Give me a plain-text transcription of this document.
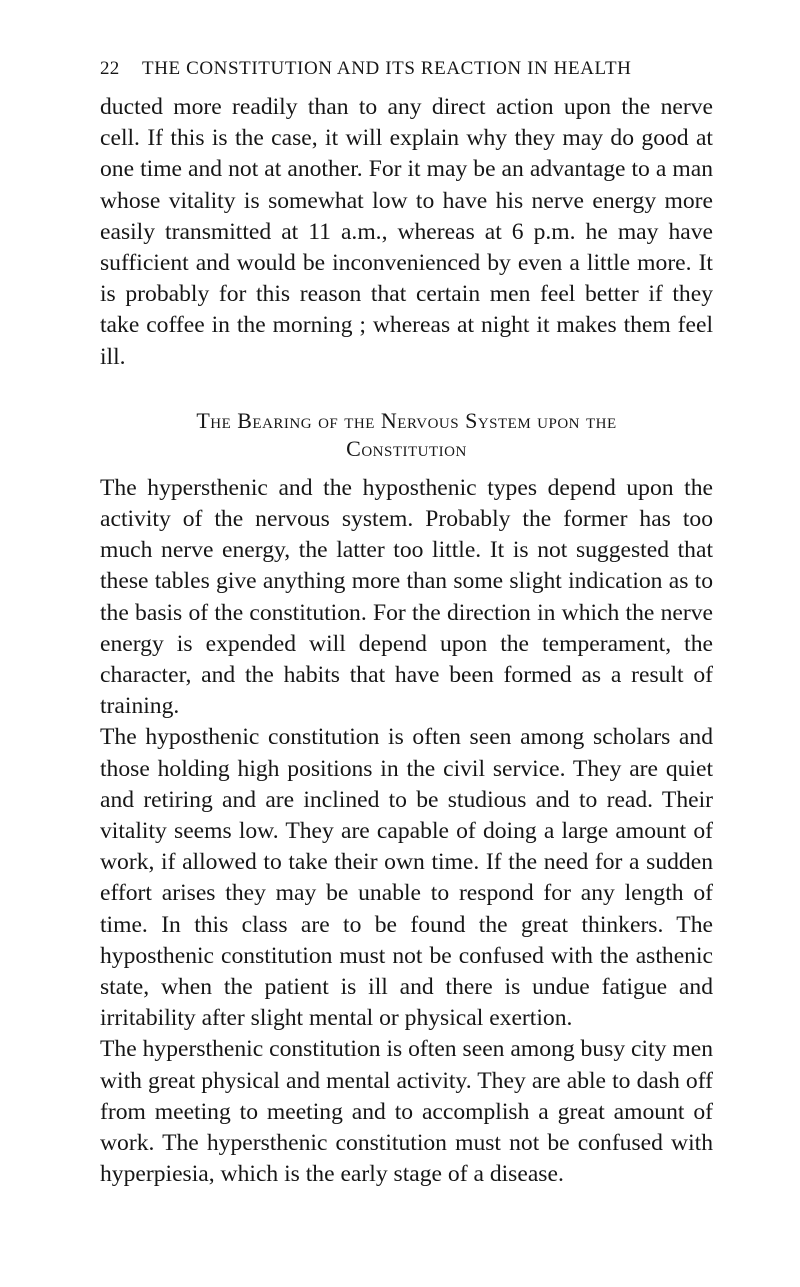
22	THE CONSTITUTION AND ITS REACTION IN HEALTH

ducted more readily than to any direct action upon the nerve cell. If this is the case, it will explain why they may do good at one time and not at another. For it may be an advantage to a man whose vitality is somewhat low to have his nerve energy more easily transmitted at 11 a.m., whereas at 6 p.m. he may have sufficient and would be inconvenienced by even a little more. It is probably for this reason that certain men feel better if they take coffee in the morning ; whereas at night it makes them feel ill.

The Bearing of the Nervous System upon the
Constitution

The hypersthenic and the hyposthenic types depend upon the activity of the nervous system. Probably the former has too much nerve energy, the latter too little. It is not suggested that these tables give anything more than some slight indication as to the basis of the constitution. For the direction in which the nerve energy is expended will depend upon the temperament, the character, and the habits that have been formed as a result of training.

The hyposthenic constitution is often seen among scholars and those holding high positions in the civil service. They are quiet and retiring and are inclined to be studious and to read. Their vitality seems low. They are capable of doing a large amount of work, if allowed to take their own time. If the need for a sudden effort arises they may be unable to respond for any length of time. In this class are to be found the great thinkers. The hyposthenic constitution must not be confused with the asthenic state, when the patient is ill and there is undue fatigue and irritability after slight mental or physical exertion.

The hypersthenic constitution is often seen among busy city men with great physical and mental activity. They are able to dash off from meeting to meeting and to accomplish a great amount of work. The hypersthenic constitution must not be confused with hyperpiesia, which is the early stage of a disease.
